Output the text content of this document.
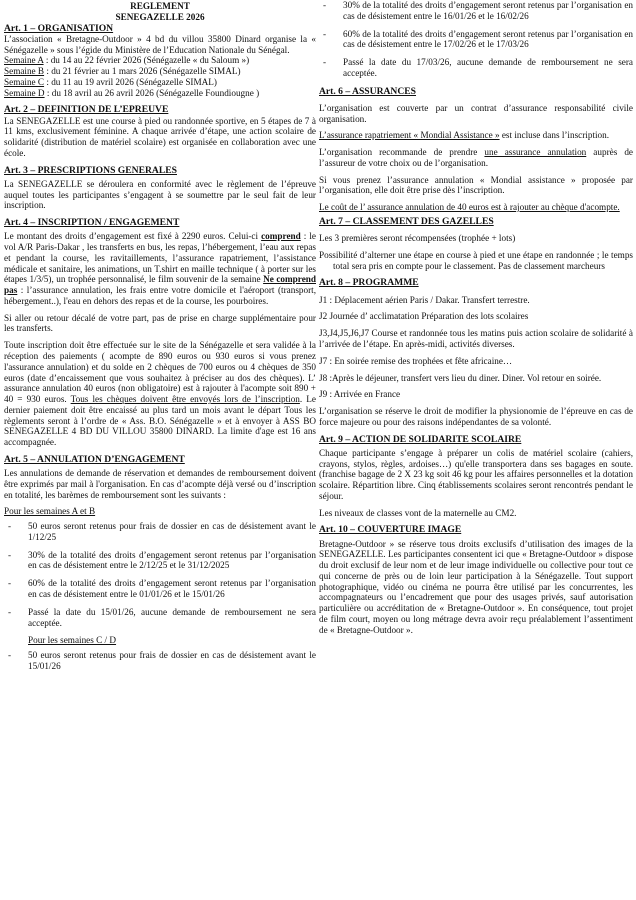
REGLEMENT

SENEGAZELLE 2026

Art. 1 – ORGANISATION

L’association « Bretagne-Outdoor » 4 bd du villou 35800 Dinard organise la « Sénégazelle » sous l’égide du Ministère de l’Education Nationale du Sénégal.

Semaine A : du 14 au 22 février 2026 (Sénégazelle « du Saloum »)
Semaine B : du 21 février au 1 mars 2026 (Sénégazelle SIMAL)
Semaine C : du 11 au 19 avril 2026 (Sénégazelle SIMAL)
Semaine D : du 18 avril au 26 avril 2026 (Sénégazelle Foundiougne )
Art. 2 – DEFINITION DE L’EPREUVE

La SENEGAZELLE est une course à pied ou randonnée sportive, en 5 étapes de 7 à 11 kms, exclusivement féminine. A chaque arrivée d’étape, une action scolaire de solidarité (distribution de matériel scolaire) est organisée en collaboration avec une école.

Art. 3 – PRESCRIPTIONS GENERALES

La SENEGAZELLE se déroulera en conformité avec le règlement de l’épreuve auquel toutes les participantes s’engagent à se soumettre par le seul fait de leur inscription.

Art. 4 – INSCRIPTION / ENGAGEMENT

Le montant des droits d’engagement est fixé à 2290 euros. Celui-ci comprend : le vol A/R Paris-Dakar , les transferts en bus, les repas, l’hébergement, l’eau aux repas et pendant la course, les ravitaillements, l’assurance rapatriement, l’assistance médicale et sanitaire, les animations, un T.shirt en maille technique ( à porter sur les étapes 1/3/5), un trophée personnalisé, le film souvenir de la semaine Ne comprend pas : l’assurance annulation, les frais entre votre domicile et l'aéroport (transport, hébergement..), l'eau en dehors des repas et de la course, les pourboires.

Si aller ou retour décalé de votre part, pas de prise en charge supplémentaire pour les transferts.

Toute inscription doit être effectuée sur le site de la Sénégazelle et sera validée à la réception des paiements ( acompte de 890 euros ou 930 euros si vous prenez l'assurance annulation) et du solde en 2 chèques de 700 euros ou 4 chèques de 350 euros (date d’encaissement que vous souhaitez à préciser au dos des chèques). L’ assurance annulation 40 euros (non obligatoire) est à rajouter à l'acompte soit 890 + 40 = 930 euros. Tous les chèques doivent être envoyés lors de l’inscription. Le dernier paiement doit être encaissé au plus tard un mois avant le départ Tous les règlements seront à l’ordre de « Ass. B.O. Sénégazelle » et à envoyer à ASS BO SENEGAZELLE 4 BD DU VILLOU 35800 DINARD. La limite d'age est 16 ans accompagnée.

Art. 5 – ANNULATION D’ENGAGEMENT

Les annulations de demande de réservation et demandes de remboursement doivent être exprimés par mail à l'organisation. En cas d’acompte déjà versé ou d’inscription en totalité, les barèmes de remboursement sont les suivants :

Pour les semaines A et B

- 50 euros seront retenus pour frais de dossier en cas de désistement avant le 1/12/25
- 30% de la totalité des droits d’engagement seront retenus par l’organisation en cas de désistement entre le 2/12/25 et le 31/12/2025
- 60% de la totalité des droits d’engagement seront retenus par l’organisation en cas de désistement entre le 01/01/26 et le 15/01/26
- Passé la date du 15/01/26, aucune demande de remboursement ne sera acceptée.

Pour les semaines C / D

- 50 euros seront retenus pour frais de dossier en cas de désistement avant le 15/01/26
- 30% de la totalité des droits d’engagement seront retenus par l’organisation en cas de désistement entre le 16/01/26 et le 16/02/26
- 60% de la totalité des droits d’engagement seront retenus par l’organisation en cas de désistement entre le 17/02/26 et le 17/03/26
- Passé la date du 17/03/26, aucune demande de remboursement ne sera acceptée.
Art. 6 – ASSURANCES

L’organisation est couverte par un contrat d’assurance responsabilité civile organisation.

L’assurance rapatriement « Mondial Assistance » est incluse dans l’inscription.

L’organisation recommande de prendre une assurance annulation auprès de l’assureur de votre choix ou de l’organisation.

Si vous prenez l’assurance annulation « Mondial assistance » proposée par l’organisation, elle doit être prise dès l’inscription.

Le coût de l’ assurance annulation de 40 euros est à rajouter au chèque d'acompte.

Art. 7 – CLASSEMENT DES GAZELLES

Les 3 premières seront récompensées (trophée + lots)

Possibilité d’alterner une étape en course à pied et une étape en randonnée ; le temps total sera pris en compte pour le classement. Pas de classement marcheurs

Art. 8 – PROGRAMME

J1 : Déplacement aérien Paris / Dakar. Transfert terrestre.

J2 Journée d’ acclimatation Préparation des lots scolaires

J3,J4,J5,J6,J7 Course et randonnée tous les matins puis action scolaire de solidarité à l’arrivée de l’étape. En après-midi, activités diverses.

J7 : En soirée remise des trophées et fête africaine…

J8 :Après le déjeuner, transfert vers lieu du diner. Diner. Vol retour en soirée.

J9 : Arrivée en France

L’organisation se réserve le droit de modifier la physionomie de l’épreuve en cas de force majeure ou pour des raisons indépendantes de sa volonté.

Art. 9 – ACTION DE SOLIDARITE SCOLAIRE

Chaque participante s’engage à préparer un colis de matériel scolaire (cahiers, crayons, stylos, règles, ardoises…) qu'elle transportera dans ses bagages en soute. (franchise bagage de 2 X 23 kg soit 46 kg pour les affaires personnelles et la dotation scolaire. Répartition libre. Cinq établissements scolaires seront rencontrés pendant le séjour.

Les niveaux de classes vont de la maternelle au CM2.

Art. 10 – COUVERTURE IMAGE

Bretagne-Outdoor » se réserve tous droits exclusifs d’utilisation des images de la SENEGAZELLE. Les participantes consentent ici que « Bretagne-Outdoor » dispose du droit exclusif de leur nom et de leur image individuelle ou collective pour tout ce qui concerne de près ou de loin leur participation à la Sénégazelle. Tout support photographique, vidéo ou cinéma ne pourra être utilisé par les concurrentes, les accompagnateurs ou l’encadrement que pour des usages privés, sauf autorisation particulière ou accréditation de « Bretagne-Outdoor ». En conséquence, tout projet de film court, moyen ou long métrage devra avoir reçu préalablement l’assentiment de « Bretagne-Outdoor ».
